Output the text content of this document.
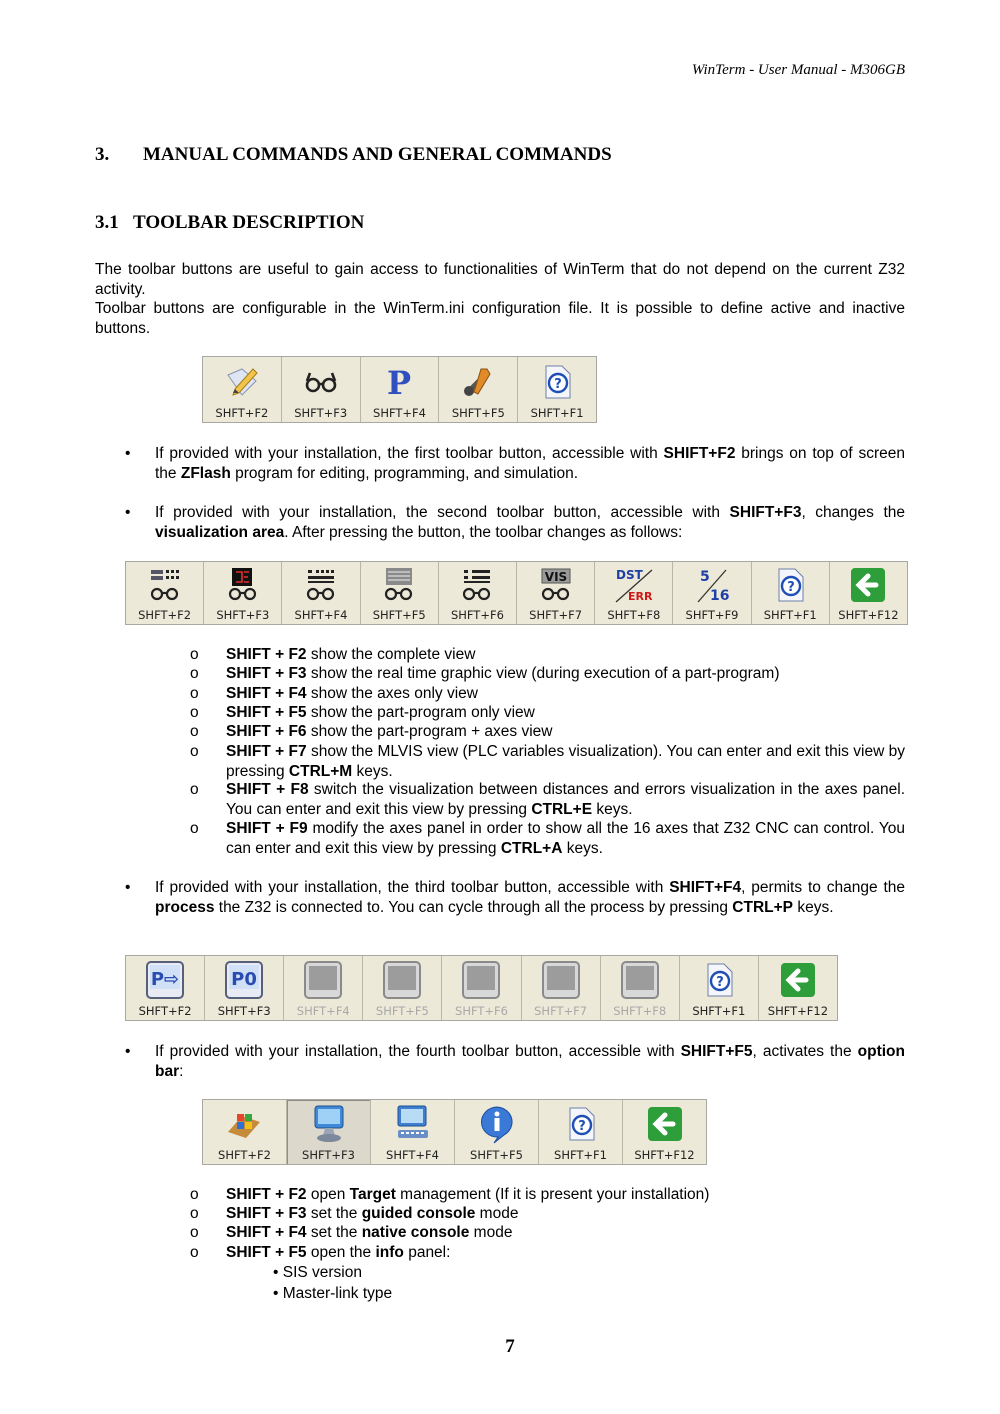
WinTerm - User Manual - M306GB
3. MANUAL COMMANDS AND GENERAL COMMANDS
3.1 TOOLBAR DESCRIPTION

The toolbar buttons are useful to gain access to functionalities of WinTerm that do not depend on the current Z32 activity.

Toolbar buttons are configurable in the WinTerm.ini configuration file. It is possible to define active and inactive buttons.

SHFT+F2 SHFT+F3
P
SHFT+F4 SHFT+F5
?
SHFT+F1
• If provided with your installation, the first toolbar button, accessible with SHIFT+F2 brings on top of screen the ZFlash program for editing, programming, and simulation.
• If provided with your installation, the second toolbar button, accessible with SHIFT+F3, changes the visualization area. After pressing the button, the toolbar changes as follows:
SHFT+F2 SHFT+F3 SHFT+F4 SHFT+F5 SHFT+F6
VIS
SHFT+F7
DST
ERR
SHFT+F8
5
16
SHFT+F9
?
SHFT+F1 SHFT+F12
o SHIFT + F2 show the complete view
o SHIFT + F3 show the real time graphic view (during execution of a part-program)
o SHIFT + F4 show the axes only view
o SHIFT + F5 show the part-program only view
o SHIFT + F6 show the part-program + axes view
o SHIFT + F7 show the MLVIS view (PLC variables visualization). You can enter and exit this view by pressing CTRL+M keys.
o SHIFT + F8 switch the visualization between distances and errors visualization in the axes panel. You can enter and exit this view by pressing CTRL+E keys.
o SHIFT + F9 modify the axes panel in order to show all the 16 axes that Z32 CNC can control. You can enter and exit this view by pressing CTRL+A keys.
• If provided with your installation, the third toolbar button, accessible with SHIFT+F4, permits to change the process the Z32 is connected to. You can cycle through all the process by pressing CTRL+P keys.
P⇨
SHFT+F2
P0
SHFT+F3 SHFT+F4 SHFT+F5 SHFT+F6 SHFT+F7 SHFT+F8
?
SHFT+F1 SHFT+F12
• If provided with your installation, the fourth toolbar button, accessible with SHIFT+F5, activates the option bar:
SHFT+F2	SHFT+F3	SHFT+F4	SHFT+F5
?
SHFT+F1 SHFT+F12
o SHIFT + F2 open Target management (If it is present your installation)
o SHIFT + F3 set the guided console mode
o SHIFT + F4 set the native console mode
o SHIFT + F5 open the info panel:
• SIS version
• Master-link type
7
